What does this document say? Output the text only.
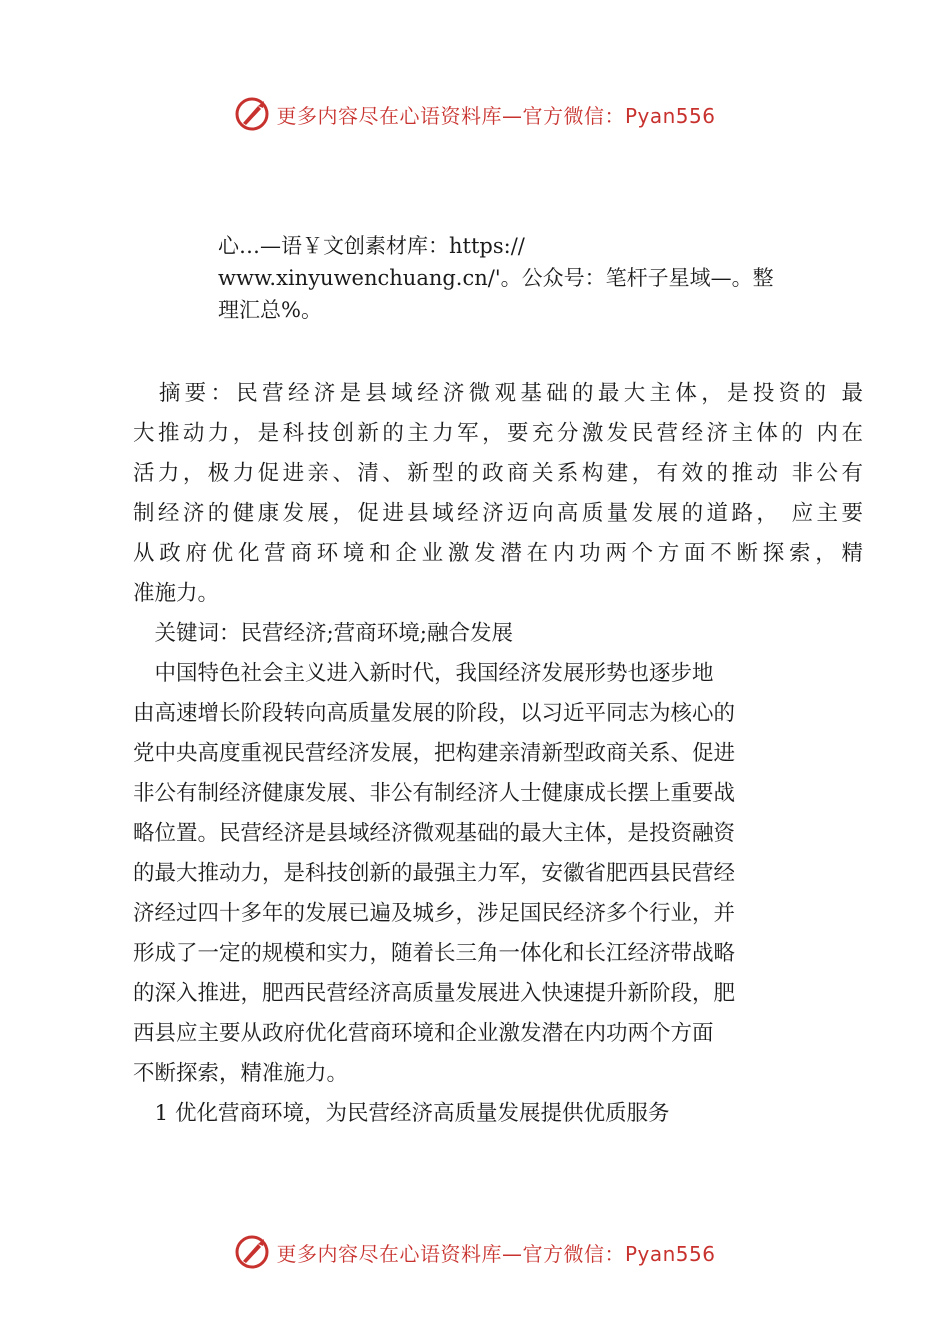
更多内容尽在心语资料库—官方微信：Pyan556
心…—语￥文创素材库：https://
www.xinyuwenchuang.cn/'。公众号：笔杆子星域—。整
理汇总%。
　摘要：民营经济是县域经济微观基础的最大主体，是投资的 最
大推动力，是科技创新的主力军，要充分激发民营经济主体的 内在
活力，极力促进亲、清、新型的政商关系构建，有效的推动 非公有
制经济的健康发展，促进县域经济迈向高质量发展的道路， 应主要
从政府优化营商环境和企业激发潜在内功两个方面不断探索，精
准施力。
　关键词：民营经济;营商环境;融合发展
　中国特色社会主义进入新时代，我国经济发展形势也逐步地
由高速增长阶段转向高质量发展的阶段，以习近平同志为核心的
党中央高度重视民营经济发展，把构建亲清新型政商关系、促进
非公有制经济健康发展、非公有制经济人士健康成长摆上重要战
略位置。民营经济是县域经济微观基础的最大主体，是投资融资
的最大推动力，是科技创新的最强主力军，安徽省肥西县民营经
济经过四十多年的发展已遍及城乡，涉足国民经济多个行业，并
形成了一定的规模和实力，随着长三角一体化和长江经济带战略
的深入推进，肥西民营经济高质量发展进入快速提升新阶段，肥
西县应主要从政府优化营商环境和企业激发潜在内功两个方面
不断探索，精准施力。
　1 优化营商环境，为民营经济高质量发展提供优质服务
更多内容尽在心语资料库—官方微信：Pyan556
